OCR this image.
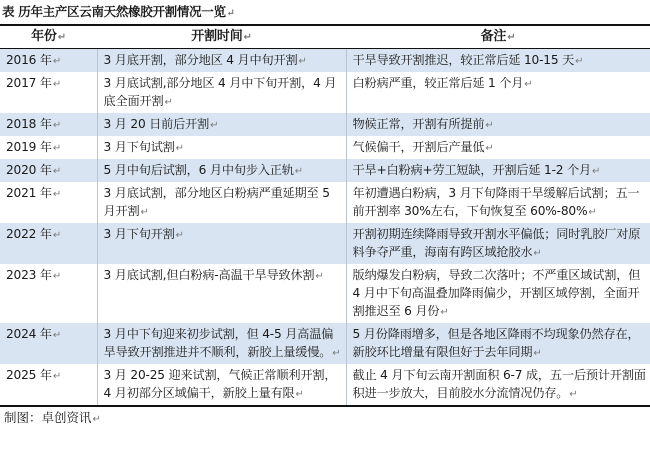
表 历年主产区云南天然橡胶开割情况一览↵
年份↵	开割时间↵	备注↵
2016 年↵	3 月底开割，部分地区 4 月中旬开割↵	干旱导致开割推迟，较正常后延 10-15 天↵
2017 年↵	3 月底试割,部分地区 4 月中下旬开割，4 月底全面开割↵	白粉病严重，较正常后延 1 个月↵
2018 年↵	3 月 20 日前后开割↵	物候正常，开割有所提前↵
2019 年↵	3 月下旬试割↵	气候偏干，开割后产量低↵
2020 年↵	5 月中旬后试割，6 月中旬步入正轨↵	干旱+白粉病+劳工短缺，开割后延 1-2 个月↵
2021 年↵	3 月底试割，部分地区白粉病严重延期至 5 月开割↵	年初遭遇白粉病，3 月下旬降雨干旱缓解后试割；五一前开割率 30%左右，下旬恢复至 60%-80%↵
2022 年↵	3 月下旬开割↵	开割初期连续降雨导致开割水平偏低；同时乳胶厂对原料争夺严重，海南有跨区域抢胶水↵
2023 年↵	3 月底试割,但白粉病-高温干旱导致休割↵	版纳爆发白粉病，导致二次落叶；不严重区域试割，但 4 月中下旬高温叠加降雨偏少，开割区域停割，全面开割推迟至 6 月份↵
2024 年↵	3 月中下旬迎来初步试割，但 4-5 月高温偏旱导致开割推进并不顺利，新胶上量缓慢。↵	5 月份降雨增多，但是各地区降雨不均现象仍然存在，新胶环比增量有限但好于去年同期↵
2025 年↵	3 月 20-25 迎来试割，气候正常顺利开割，4 月初部分区域偏干，新胶上量有限↵	截止 4 月下旬云南开割面积 6-7 成，五一后预计开割面积进一步放大，目前胶水分流情况仍存。↵
制图：卓创资讯↵
